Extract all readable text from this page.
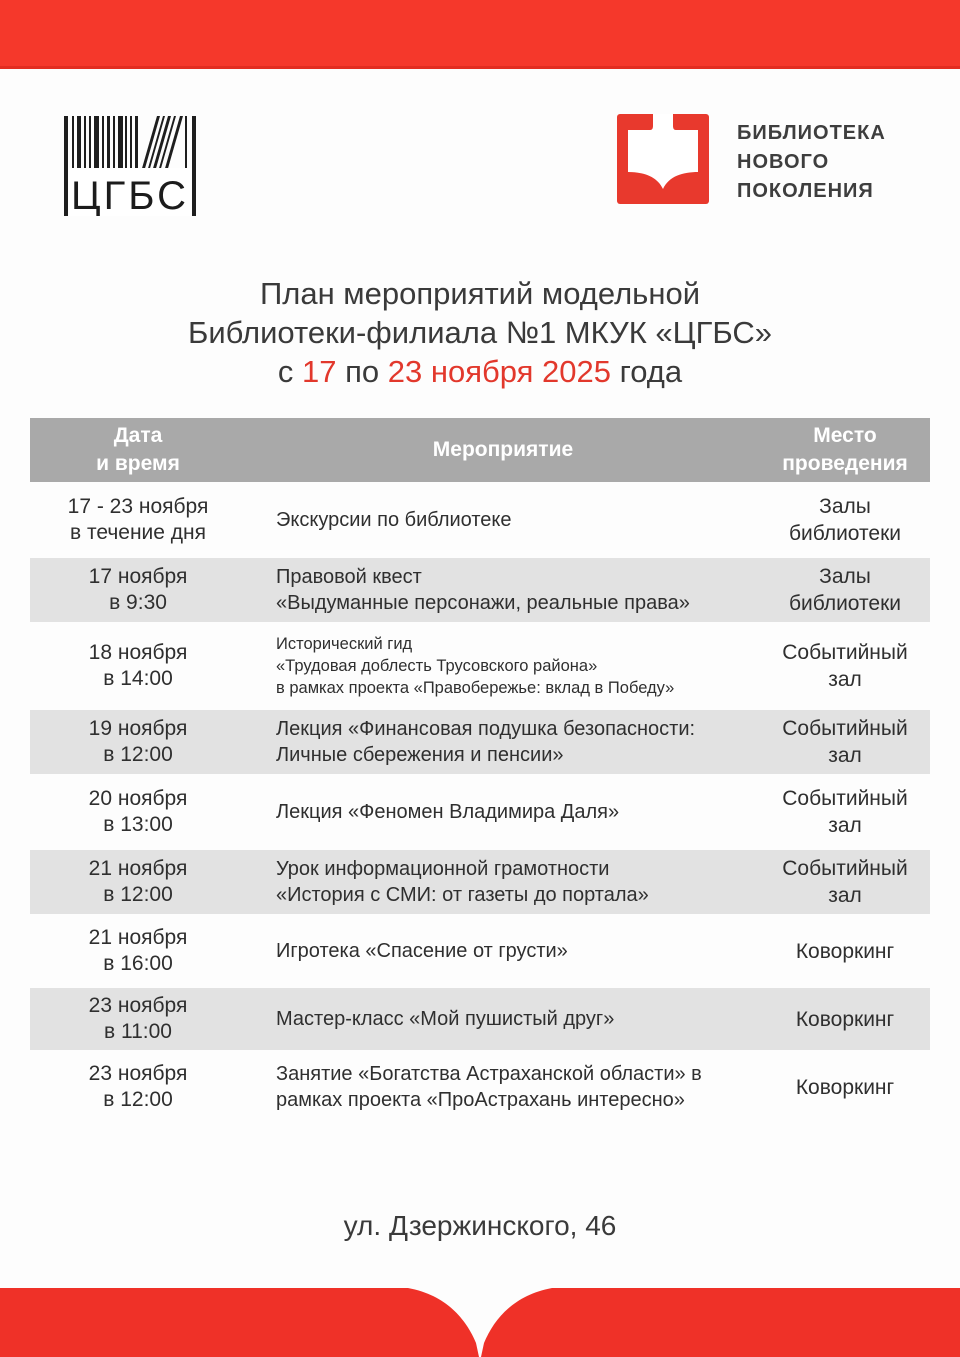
ЦГБС
БИБЛИОТЕКА
НОВОГО
ПОКОЛЕНИЯ
План мероприятий модельной
Библиотеки-филиала №1 МКУК «ЦГБС»
с 17 по 23 ноября 2025 года
Дата
и время
Мероприятие
Место
проведения
17 - 23 ноября
в течение дня
Экскурсии по библиотеке
Залы
библиотеки
17 ноября
в 9:30
Правовой квест
«Выдуманные персонажи, реальные права»
Залы
библиотеки
18 ноября
в 14:00
Исторический гид
«Трудовая доблесть Трусовского района»
в рамках проекта «Правобережье: вклад в Победу»
Событийный
зал
19 ноября
в 12:00
Лекция «Финансовая подушка безопасности:
Личные сбережения и пенсии»
Событийный
зал
20 ноября
в 13:00
Лекция «Феномен Владимира Даля»
Событийный
зал
21 ноября
в 12:00
Урок информационной грамотности
«История с СМИ: от газеты до портала»
Событийный
зал
21 ноября
в 16:00
Игротека «Спасение от грусти»	Коворкинг
23 ноября
в 11:00
Мастер-класс «Мой пушистый друг»	Коворкинг
23 ноября
в 12:00
Занятие «Богатства Астраханской области» в
рамках проекта «ПроАстрахань интересно»
Коворкинг
ул. Дзержинского, 46
